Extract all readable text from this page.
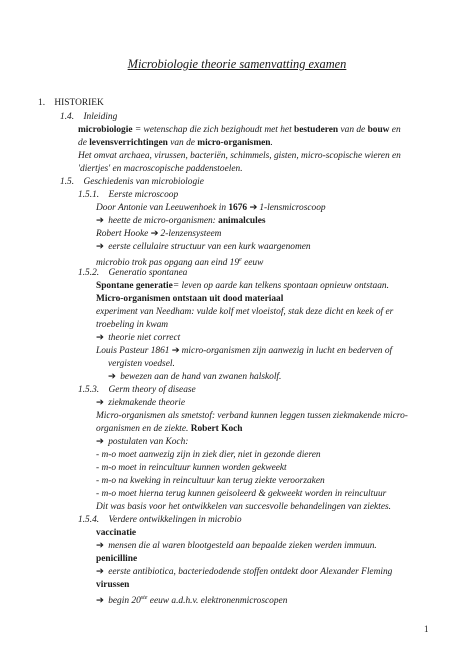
Microbiologie theorie samenvatting examen
1. HISTORIEK
1.4. Inleiding
microbiologie = wetenschap die zich bezighoudt met het bestuderen van de bouw en
de levensverrichtingen van de micro-organismen.
Het omvat archaea, virussen, bacteriën, schimmels, gisten, micro-scopische wieren en
'diertjes' en macroscopische paddenstoelen.
1.5. Geschiedenis van microbiologie
1.5.1. Eerste microscoop
Door Antonie van Leeuwenhoek in 1676 ➔ 1-lensmicroscoop
➔ heette de micro-organismen: animalcules
Robert Hooke ➔ 2-lenzensysteem
➔ eerste cellulaire structuur van een kurk waargenomen
microbio trok pas opgang aan eind 19e eeuw
1.5.2. Generatio spontanea
Spontane generatie= leven op aarde kan telkens spontaan opnieuw ontstaan.
Micro-organismen ontstaan uit dood materiaal
experiment van Needham: vulde kolf met vloeistof, stak deze dicht en keek of er
troebeling in kwam
➔ theorie niet correct
Louis Pasteur 1861 ➔ micro-organismen zijn aanwezig in lucht en bederven of
vergisten voedsel.
➔ bewezen aan de hand van zwanen halskolf.
1.5.3. Germ theory of disease
➔ ziekmakende theorie
Micro-organismen als smetstof: verband kunnen leggen tussen ziekmakende micro-
organismen en de ziekte. Robert Koch
➔ postulaten van Koch:
- m-o moet aanwezig zijn in ziek dier, niet in gezonde dieren
- m-o moet in reincultuur kunnen worden gekweekt
- m-o na kweking in reincultuur kan terug ziekte veroorzaken
- m-o moet hierna terug kunnen geisoleerd & gekweekt worden in reincultuur
Dit was basis voor het ontwikkelen van succesvolle behandelingen van ziektes.
1.5.4. Verdere ontwikkelingen in microbio
vaccinatie
➔ mensen die al waren blootgesteld aan bepaalde zieken werden immuun.
penicilline
➔ eerste antibiotica, bacteriedodende stoffen ontdekt door Alexander Fleming
virussen
➔ begin 20ste eeuw a.d.h.v. elektronenmicroscopen
1
